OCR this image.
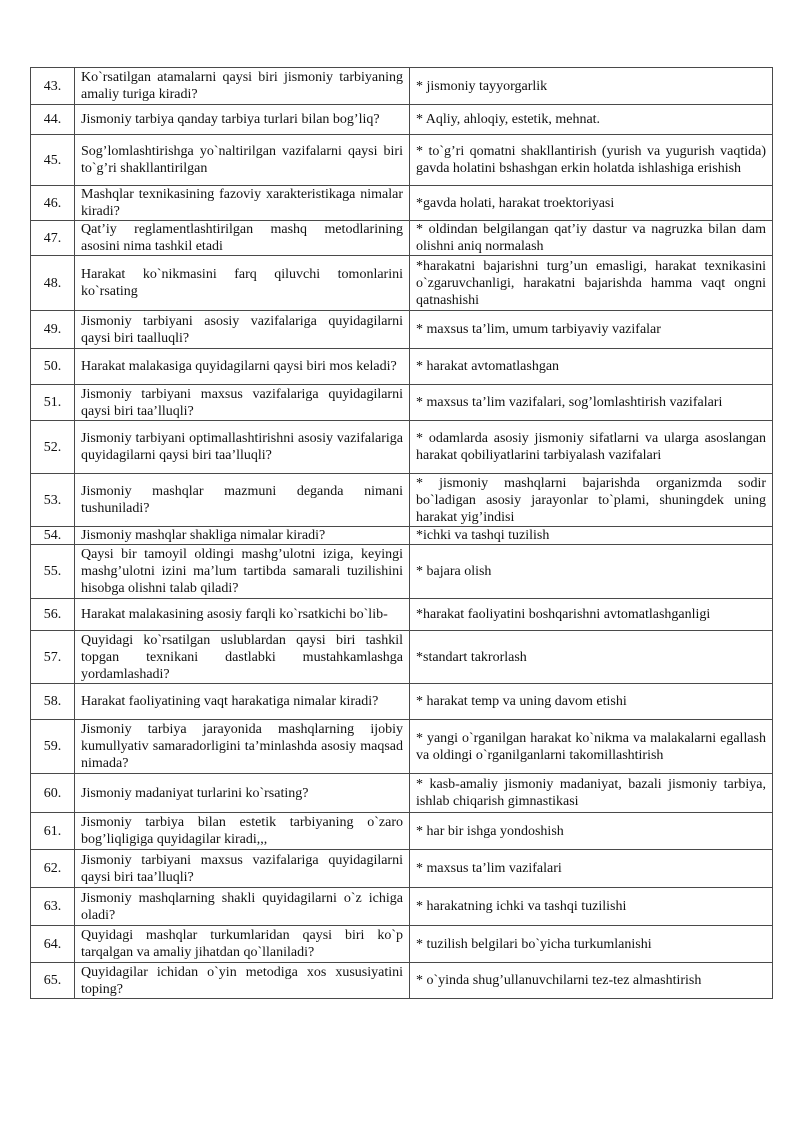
43.	Ko`rsatilgan atamalarni qaysi biri jismoniy tarbiyaning amaliy turiga kiradi?	* jismoniy tayyorgarlik
44.	Jismoniy tarbiya qanday tarbiya turlari bilan bog’liq?	* Aqliy, ahloqiy, estetik, mehnat.
45.	Sog’lomlashtirishga yo`naltirilgan vazifalarni qaysi biri to`g’ri shakllantirilgan	* to`g’ri qomatni shakllantirish (yurish va yugurish vaqtida) gavda holatini bshashgan erkin holatda ishlashiga erishish
46.	Mashqlar texnikasining fazoviy xarakteristikaga nimalar kiradi?	*gavda holati, harakat troektoriyasi
47.	Qat’iy reglamentlashtirilgan mashq metodlarining asosini nima tashkil etadi	* oldindan belgilangan qat’iy dastur va nagruzka bilan dam olishni aniq normalash
48.	Harakat ko`nikmasini farq qiluvchi tomonlarini ko`rsating	*harakatni bajarishni turg’un emasligi, harakat texnikasini o`zgaruvchanligi, harakatni bajarishda hamma vaqt ongni qatnashishi
49.	Jismoniy tarbiyani asosiy vazifalariga quyidagilarni qaysi biri taalluqli?	* maxsus ta’lim, umum tarbiyaviy vazifalar
50.	Harakat malakasiga quyidagilarni qaysi biri mos keladi?	* harakat avtomatlashgan
51.	Jismoniy tarbiyani maxsus vazifalariga quyidagilarni qaysi biri taa’lluqli?	* maxsus ta’lim vazifalari, sog’lomlashtirish vazifalari
52.	Jismoniy tarbiyani optimallashtirishni asosiy vazifalariga quyidagilarni qaysi biri taa’lluqli?	* odamlarda asosiy jismoniy sifatlarni va ularga asoslangan harakat qobiliyatlarini tarbiyalash vazifalari
53.	Jismoniy mashqlar mazmuni deganda nimani tushuniladi?	* jismoniy mashqlarni bajarishda organizmda sodir bo`ladigan asosiy jarayonlar to`plami, shuningdek uning harakat yig’indisi
54.	Jismoniy mashqlar shakliga nimalar kiradi?	*ichki va tashqi tuzilish
55.	Qaysi bir tamoyil oldingi mashg’ulotni iziga, keyingi mashg’ulotni izini ma’lum tartibda samarali tuzilishini hisobga olishni talab qiladi?	* bajara olish
56.	Harakat malakasining asosiy farqli ko`rsatkichi bo`lib-	*harakat faoliyatini boshqarishni avtomatlashganligi
57.	Quyidagi ko`rsatilgan uslublardan qaysi biri tashkil topgan texnikani dastlabki mustahkamlashga yordamlashadi?	*standart takrorlash
58.	Harakat faoliyatining vaqt harakatiga nimalar kiradi?	* harakat temp va uning davom etishi
59.	Jismoniy tarbiya jarayonida mashqlarning ijobiy kumullyativ samaradorligini ta’minlashda asosiy maqsad nimada?	* yangi o`rganilgan harakat ko`nikma va malakalarni egallash va oldingi o`rganilganlarni takomillashtirish
60.	Jismoniy madaniyat turlarini ko`rsating?	* kasb-amaliy jismoniy madaniyat, bazali jismoniy tarbiya, ishlab chiqarish gimnastikasi
61.	Jismoniy tarbiya bilan estetik tarbiyaning o`zaro bog’liqligiga quyidagilar kiradi,,,	* har bir ishga yondoshish
62.	Jismoniy tarbiyani maxsus vazifalariga quyidagilarni qaysi biri taa’lluqli?	* maxsus ta’lim vazifalari
63.	Jismoniy mashqlarning shakli quyidagilarni o`z ichiga oladi?	* harakatning ichki va tashqi tuzilishi
64.	Quyidagi mashqlar turkumlaridan qaysi biri ko`p tarqalgan va amaliy jihatdan qo`llaniladi?	* tuzilish belgilari bo`yicha turkumlanishi
65.	Quyidagilar ichidan o`yin metodiga xos xususiyatini toping?	* o`yinda shug’ullanuvchilarni tez-tez almashtirish
